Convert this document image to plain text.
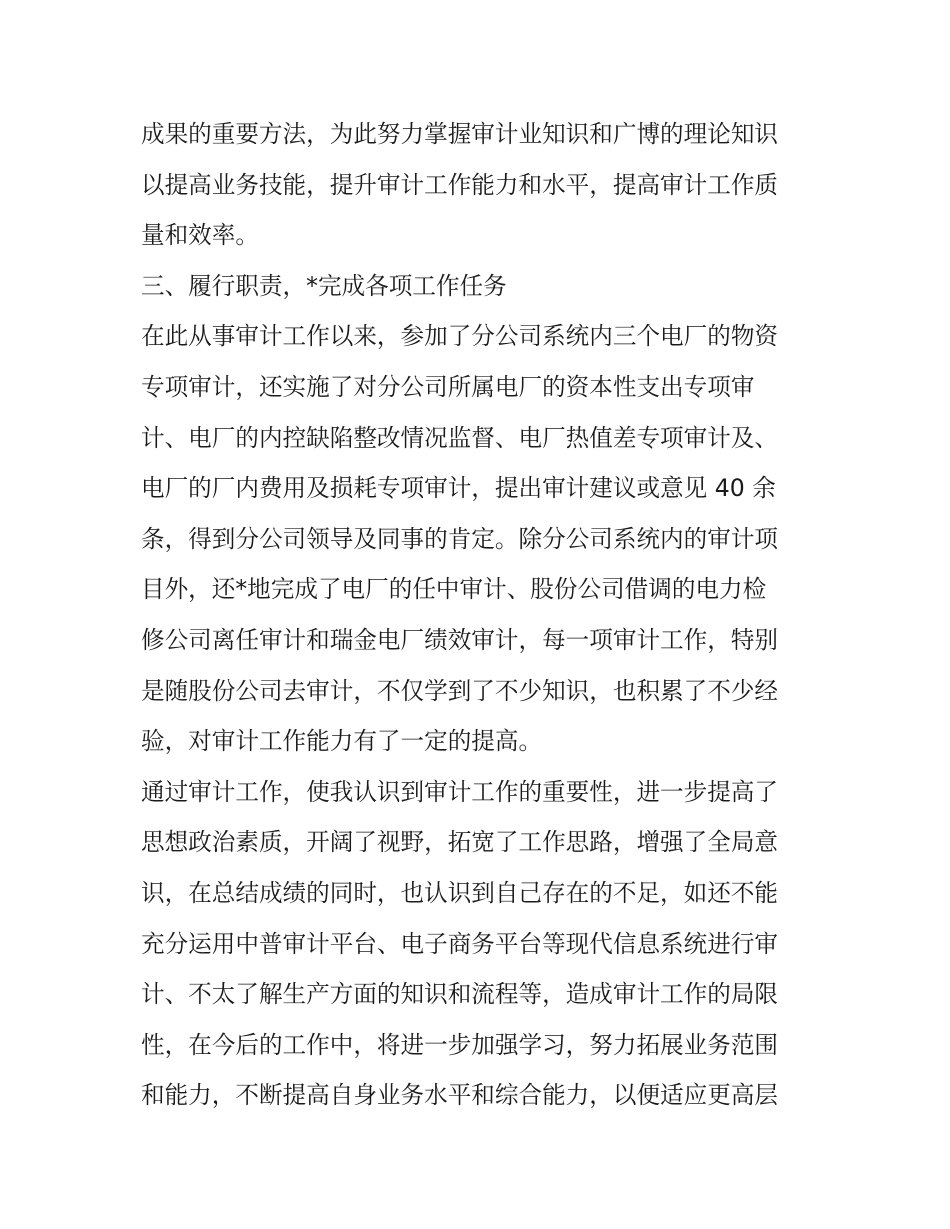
成果的重要方法，为此努力掌握审计业知识和广博的理论知识
以提高业务技能，提升审计工作能力和水平，提高审计工作质
量和效率。
三、履行职责，*完成各项工作任务
在此从事审计工作以来，参加了分公司系统内三个电厂的物资
专项审计，还实施了对分公司所属电厂的资本性支出专项审
计、电厂的内控缺陷整改情况监督、电厂热值差专项审计及、
电厂的厂内费用及损耗专项审计，提出审计建议或意见 40 余
条，得到分公司领导及同事的肯定。除分公司系统内的审计项
目外，还*地完成了电厂的任中审计、股份公司借调的电力检
修公司离任审计和瑞金电厂绩效审计，每一项审计工作，特别
是随股份公司去审计，不仅学到了不少知识，也积累了不少经
验，对审计工作能力有了一定的提高。
通过审计工作，使我认识到审计工作的重要性，进一步提高了
思想政治素质，开阔了视野，拓宽了工作思路，增强了全局意
识，在总结成绩的同时，也认识到自己存在的不足，如还不能
充分运用中普审计平台、电子商务平台等现代信息系统进行审
计、不太了解生产方面的知识和流程等，造成审计工作的局限
性，在今后的工作中，将进一步加强学习，努力拓展业务范围
和能力，不断提高自身业务水平和综合能力，以便适应更高层
